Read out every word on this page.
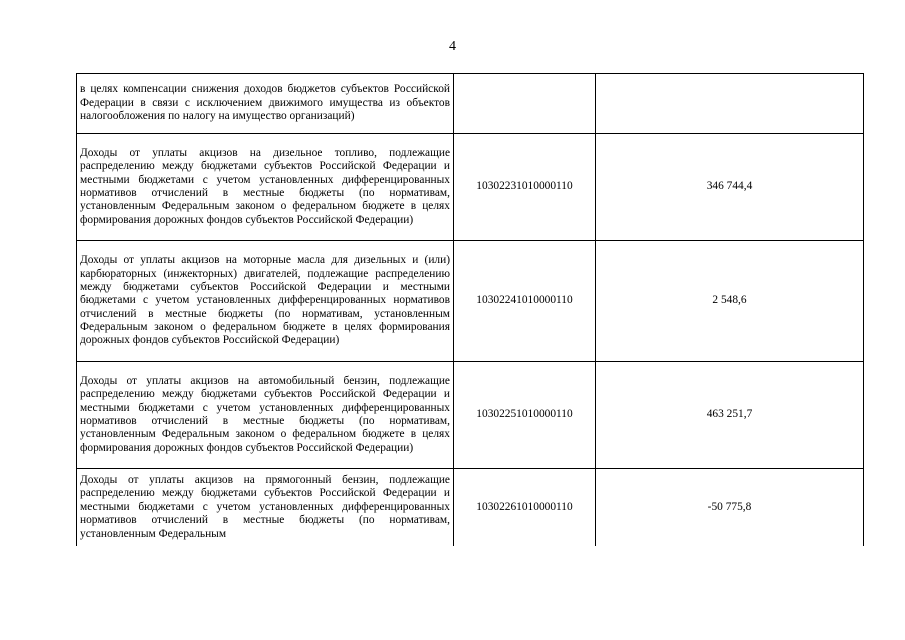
4
в целях компенсации снижения доходов бюджетов субъектов Российской Федерации в связи с исключением движимого имущества из объектов налогообложения по налогу на имущество организаций)		
Доходы от уплаты акцизов на дизельное топливо, подлежащие распределению между бюджетами субъектов Российской Федерации и местными бюджетами с учетом установленных дифференцированных нормативов отчислений в местные бюджеты (по нормативам, установленным Федеральным законом о федеральном бюджете в целях формирования дорожных фондов субъектов Российской Федерации)	10302231010000110	346 744,4
Доходы от уплаты акцизов на моторные масла для дизельных и (или) карбюраторных (инжекторных) двигателей, подлежащие распределению между бюджетами субъектов Российской Федерации и местными бюджетами с учетом установленных дифференцированных нормативов отчислений в местные бюджеты (по нормативам, установленным Федеральным законом о федеральном бюджете в целях формирования дорожных фондов субъектов Российской Федерации)	10302241010000110	2 548,6
Доходы от уплаты акцизов на автомобильный бензин, подлежащие распределению между бюджетами субъектов Российской Федерации и местными бюджетами с учетом установленных дифференцированных нормативов отчислений в местные бюджеты (по нормативам, установленным Федеральным законом о федеральном бюджете в целях формирования дорожных фондов субъектов Российской Федерации)	10302251010000110	463 251,7
Доходы от уплаты акцизов на прямогонный бензин, подлежащие распределению между бюджетами субъектов Российской Федерации и местными бюджетами с учетом установленных дифференцированных нормативов отчислений в местные бюджеты (по нормативам, установленным Федеральным	10302261010000110	-50 775,8
